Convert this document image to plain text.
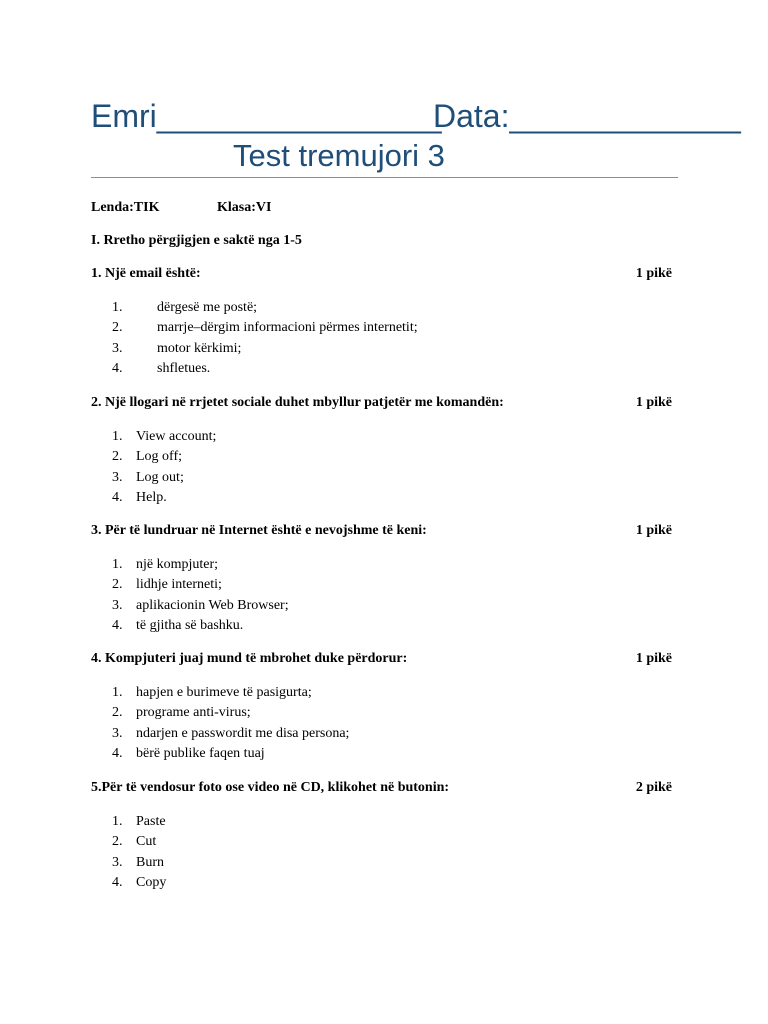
Emri________________
Data:_____________
Test tremujori 3
Lenda:TIK	Klasa:VI
I. Rretho përgjigjen e saktë nga 1-5
1. Një email është:	1 pikë
1. dërgesë me postë;
2. marrje–dërgim informacioni përmes internetit;
3. motor kërkimi;
4. shfletues.
2. Një llogari në rrjetet sociale duhet mbyllur patjetër me komandën:	1 pikë
1. View account;
2. Log off;
3. Log out;
4. Help.
3. Për të lundruar në Internet është e nevojshme të keni:	1 pikë
1. një kompjuter;
2. lidhje interneti;
3. aplikacionin Web Browser;
4. të gjitha së bashku.
4. Kompjuteri juaj mund të mbrohet duke përdorur:	1 pikë
1. hapjen e burimeve të pasigurta;
2. programe anti-virus;
3. ndarjen e passwordit me disa persona;
4. bërë publike faqen tuaj
5.Për të vendosur foto ose video në CD, klikohet në butonin:	2 pikë
1. Paste
2. Cut
3. Burn
4. Copy
